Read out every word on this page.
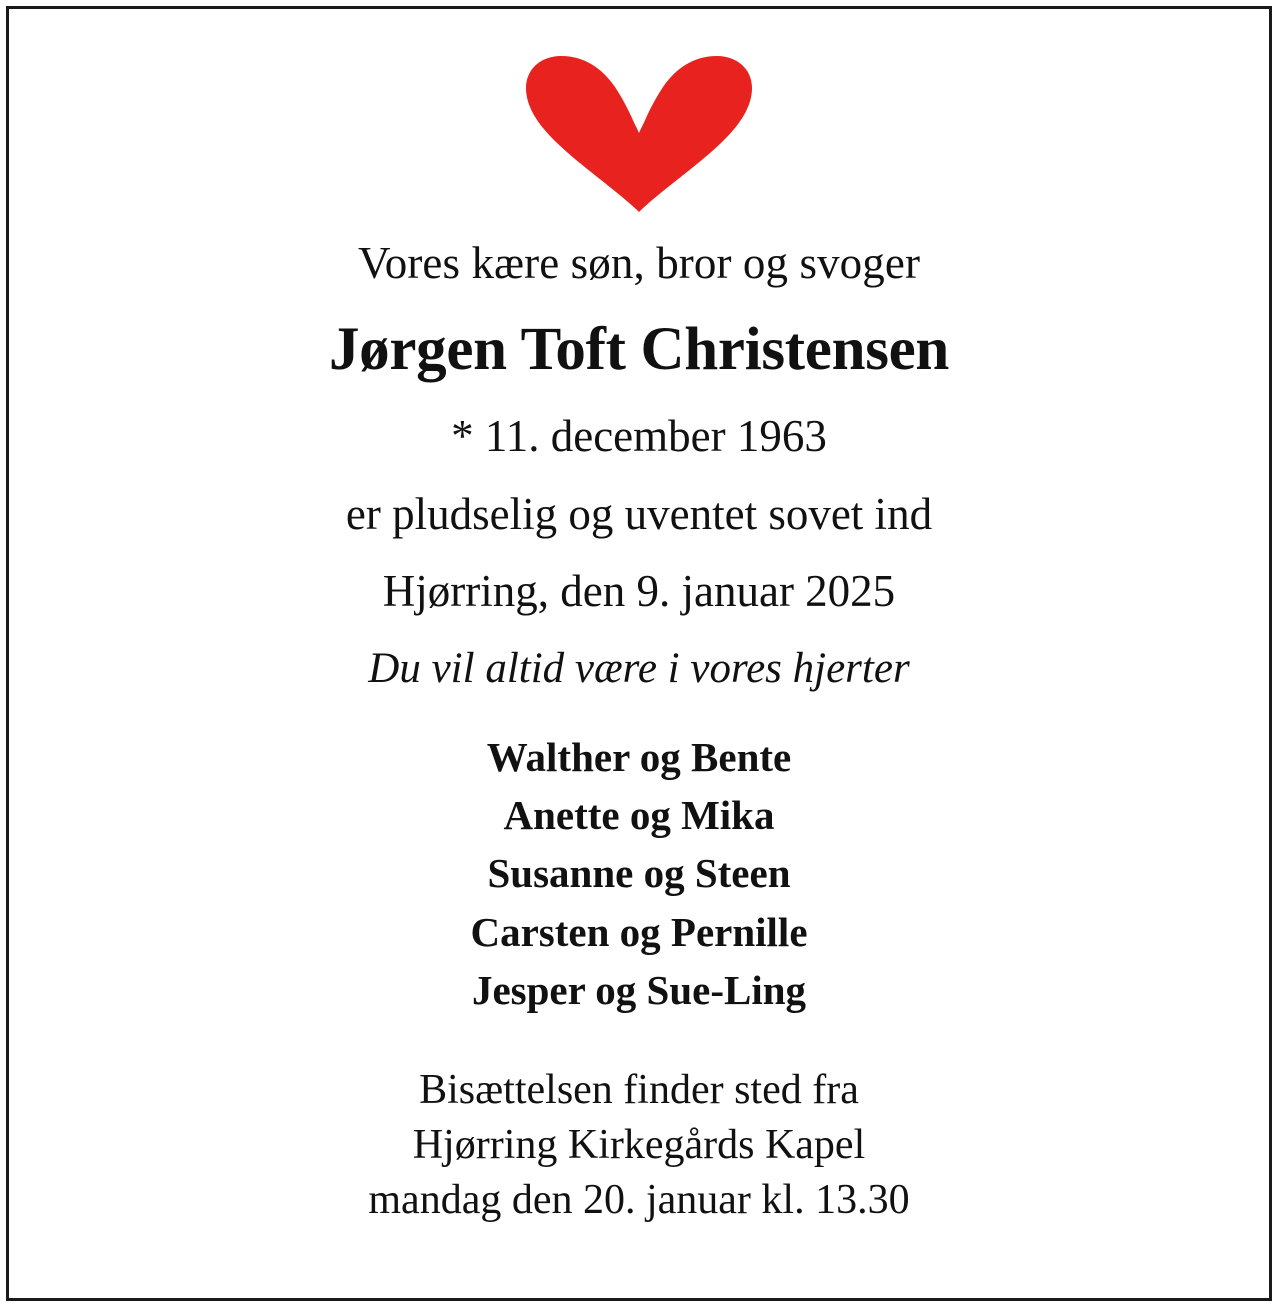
Vores kære søn, bror og svoger
Jørgen Toft Christensen
* 11. december 1963
er pludselig og uventet sovet ind
Hjørring, den 9. januar 2025
Du vil altid være i vores hjerter
Walther og Bente
Anette og Mika
Susanne og Steen
Carsten og Pernille
Jesper og Sue-Ling
Bisættelsen finder sted fra
Hjørring Kirkegårds Kapel
mandag den 20. januar kl. 13.30
